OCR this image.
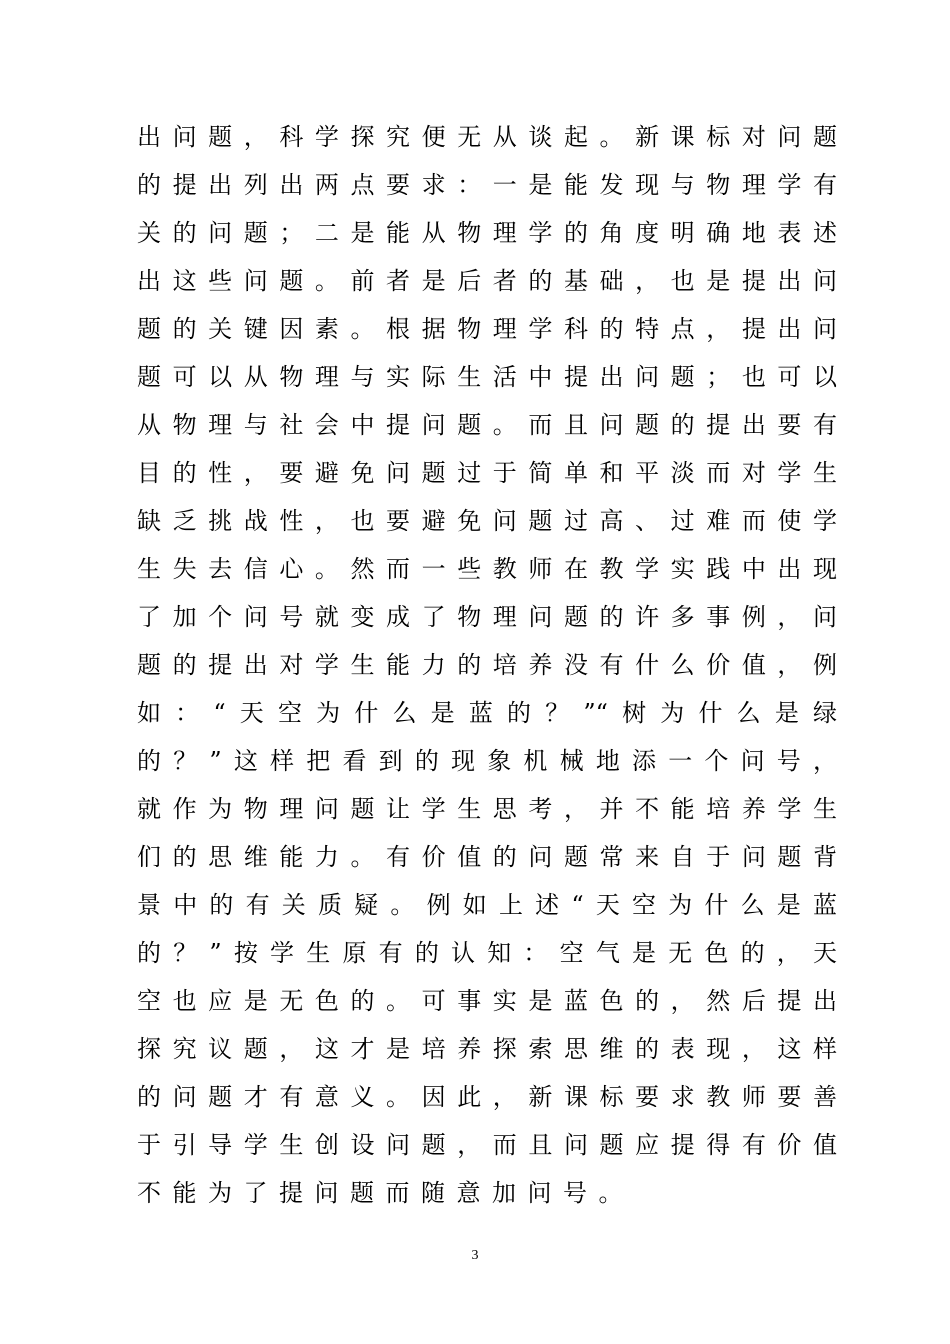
出问题，科学探究便无从谈起。新课标对问题
的提出列出两点要求：一是能发现与物理学有
关的问题；二是能从物理学的角度明确地表述
出这些问题。前者是后者的基础，也是提出问
题的关键因素。根据物理学科的特点，提出问
题可以从物理与实际生活中提出问题；也可以
从物理与社会中提问题。而且问题的提出要有
目的性，要避免问题过于简单和平淡而对学生
缺乏挑战性，也要避免问题过高、过难而使学
生失去信心。然而一些教师在教学实践中出现
了加个问号就变成了物理问题的许多事例，问
题的提出对学生能力的培养没有什么价值，例
如：“天空为什么是蓝的？”“树为什么是绿
的？”这样把看到的现象机械地添一个问号，
就作为物理问题让学生思考，并不能培养学生
们的思维能力。有价值的问题常来自于问题背
景中的有关质疑。例如上述“天空为什么是蓝
的？”按学生原有的认知：空气是无色的，天
空也应是无色的。可事实是蓝色的，然后提出
探究议题，这才是培养探索思维的表现，这样
的问题才有意义。因此，新课标要求教师要善
于引导学生创设问题，而且问题应提得有价值
不能为了提问题而随意加问号。
3
